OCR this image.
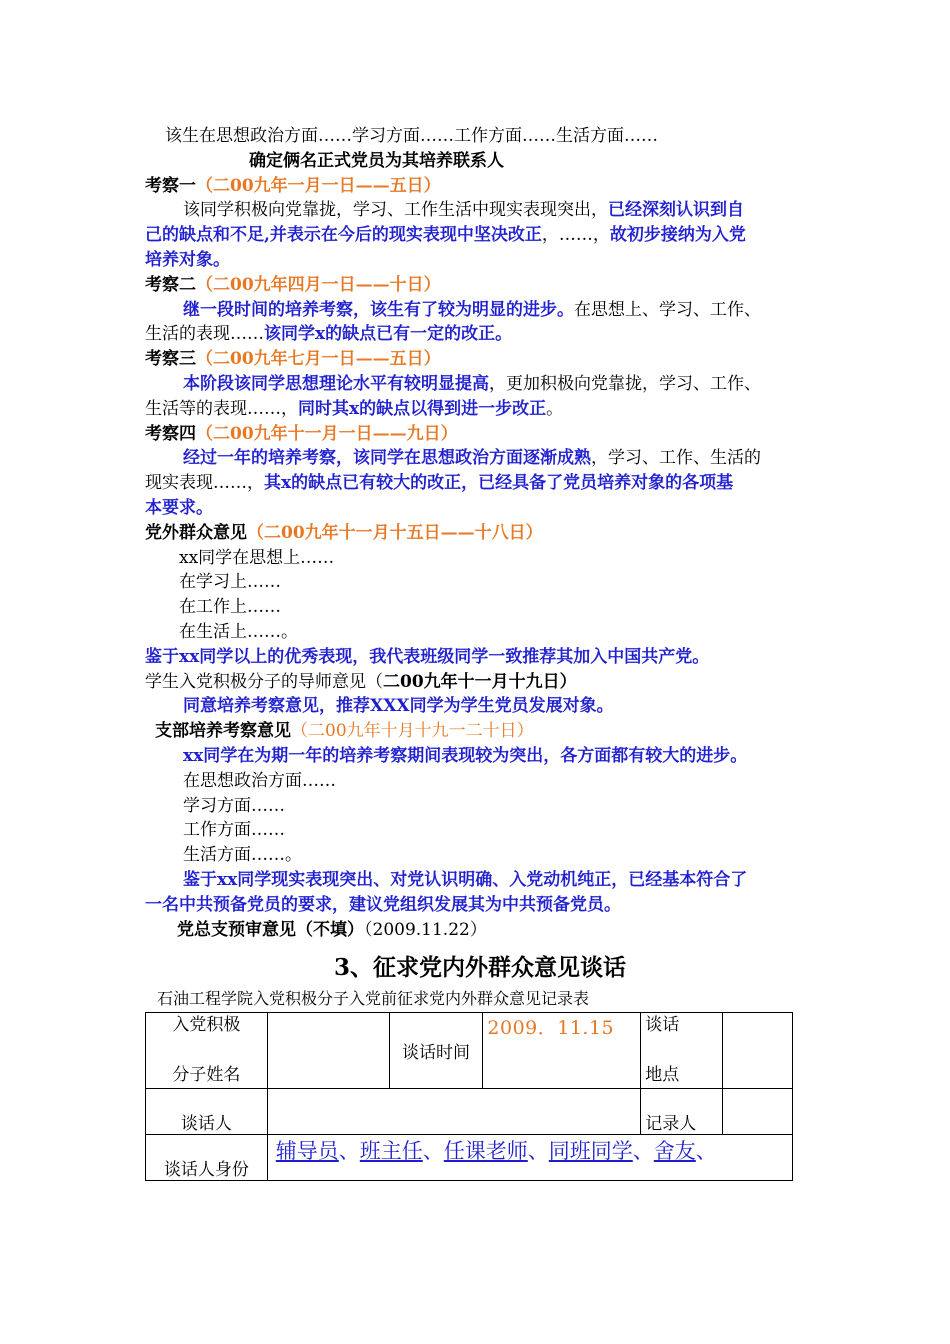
该生在思想政治方面……学习方面……工作方面……生活方面……
确定俩名正式党员为其培养联系人
考察一（二00九年一月一日——五日）
该同学积极向党靠拢，学习、工作生活中现实表现突出，已经深刻认识到自
己的缺点和不足,并表示在今后的现实表现中坚决改正，……，故初步接纳为入党
培养对象。
考察二（二00九年四月一日——十日）
继一段时间的培养考察，该生有了较为明显的进步。在思想上、学习、工作、
生活的表现……该同学x的缺点已有一定的改正。
考察三（二00九年七月一日——五日）
本阶段该同学思想理论水平有较明显提高，更加积极向党靠拢，学习、工作、
生活等的表现……，同时其x的缺点以得到进一步改正。
考察四（二00九年十一月一日——九日）
经过一年的培养考察，该同学在思想政治方面逐渐成熟，学习、工作、生活的
现实表现……，其x的缺点已有较大的改正，已经具备了党员培养对象的各项基
本要求。
党外群众意见（二00九年十一月十五日——十八日）
xx同学在思想上……
在学习上……
在工作上……
在生活上……。
鉴于xx同学以上的优秀表现，我代表班级同学一致推荐其加入中国共产党。
学生入党积极分子的导师意见（二00九年十一月十九日）
同意培养考察意见，推荐XXX同学为学生党员发展对象。
支部培养考察意见（二00九年十月十九一二十日）
xx同学在为期一年的培养考察期间表现较为突出，各方面都有较大的进步。
在思想政治方面……
学习方面……
工作方面……
生活方面……。
鉴于xx同学现实表现突出、对党认识明确、入党动机纯正，已经基本符合了
一名中共预备党员的要求，建议党组织发展其为中共预备党员。
党总支预审意见（不填）（2009.11.22）
3、征求党内外群众意见谈话
石油工程学院入党积极分子入党前征求党内外群众意见记录表
入党积极
分子姓名		谈话时间	2009．11.15	谈话
地点	

谈话人				记录人	
谈话人身份	辅导员、班主任、任课老师、同班同学、舍友、				
